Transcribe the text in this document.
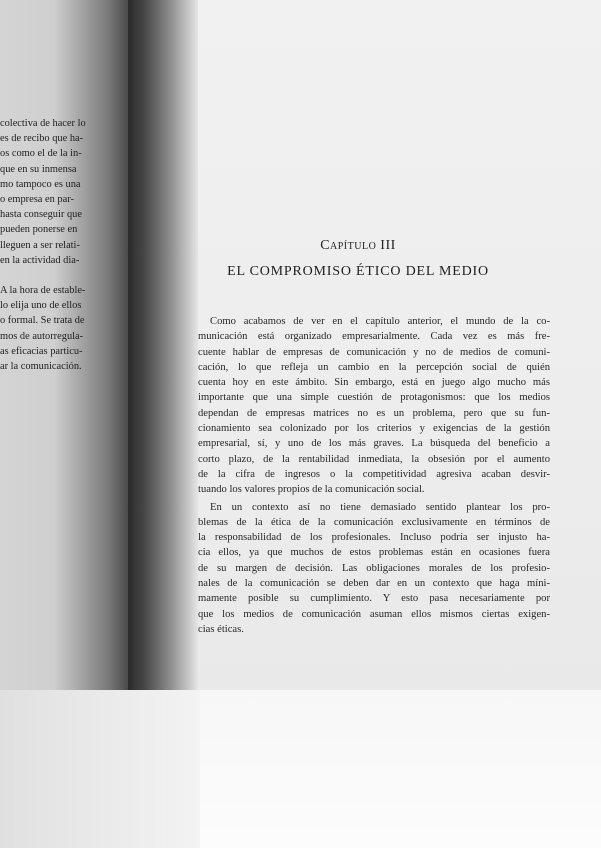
colectiva de hacer lo
es de recibo que ha-
os como el de la in-
que en su inmensa
mo tampoco es una
o empresa en par-
hasta conseguir que
pueden ponerse en
lleguen a ser relati-
en la actividad dia-
A la hora de estable-
lo elija uno de ellos
o formal. Se trata de
mos de autorregula-
as eficacias particu-
ar la comunicación.
Capítulo III
EL COMPROMISO ÉTICO DEL MEDIO
Como acabamos de ver en el capítulo anterior, el mundo de la co-
municación está organizado empresarialmente. Cada vez es más fre-
cuente hablar de empresas de comunicación y no de medios de comuni-
cación, lo que refleja un cambio en la percepción social de quién
cuenta hoy en este ámbito. Sin embargo, está en juego algo mucho más
importante que una simple cuestión de protagonismos: que los medios
dependan de empresas matrices no es un problema, pero que su fun-
cionamiento sea colonizado por los criterios y exigencias de la gestión
empresarial, sí, y uno de los más graves. La búsqueda del beneficio a
corto plazo, de la rentabilidad inmediata, la obsesión por el aumento
de la cifra de ingresos o la competitividad agresiva acaban desvir-
tuando los valores propios de la comunicación social.
En un contexto así no tiene demasiado sentido plantear los pro-
blemas de la ética de la comunicación exclusivamente en términos de
la responsabilidad de los profesionales. Incluso podría ser injusto ha-
cia ellos, ya que muchos de estos problemas están en ocasiones fuera
de su margen de decisión. Las obligaciones morales de los profesio-
nales de la comunicación se deben dar en un contexto que haga míni-
mamente posible su cumplimiento. Y esto pasa necesariamente por
que los medios de comunicación asuman ellos mismos ciertas exigen-
cias éticas.
